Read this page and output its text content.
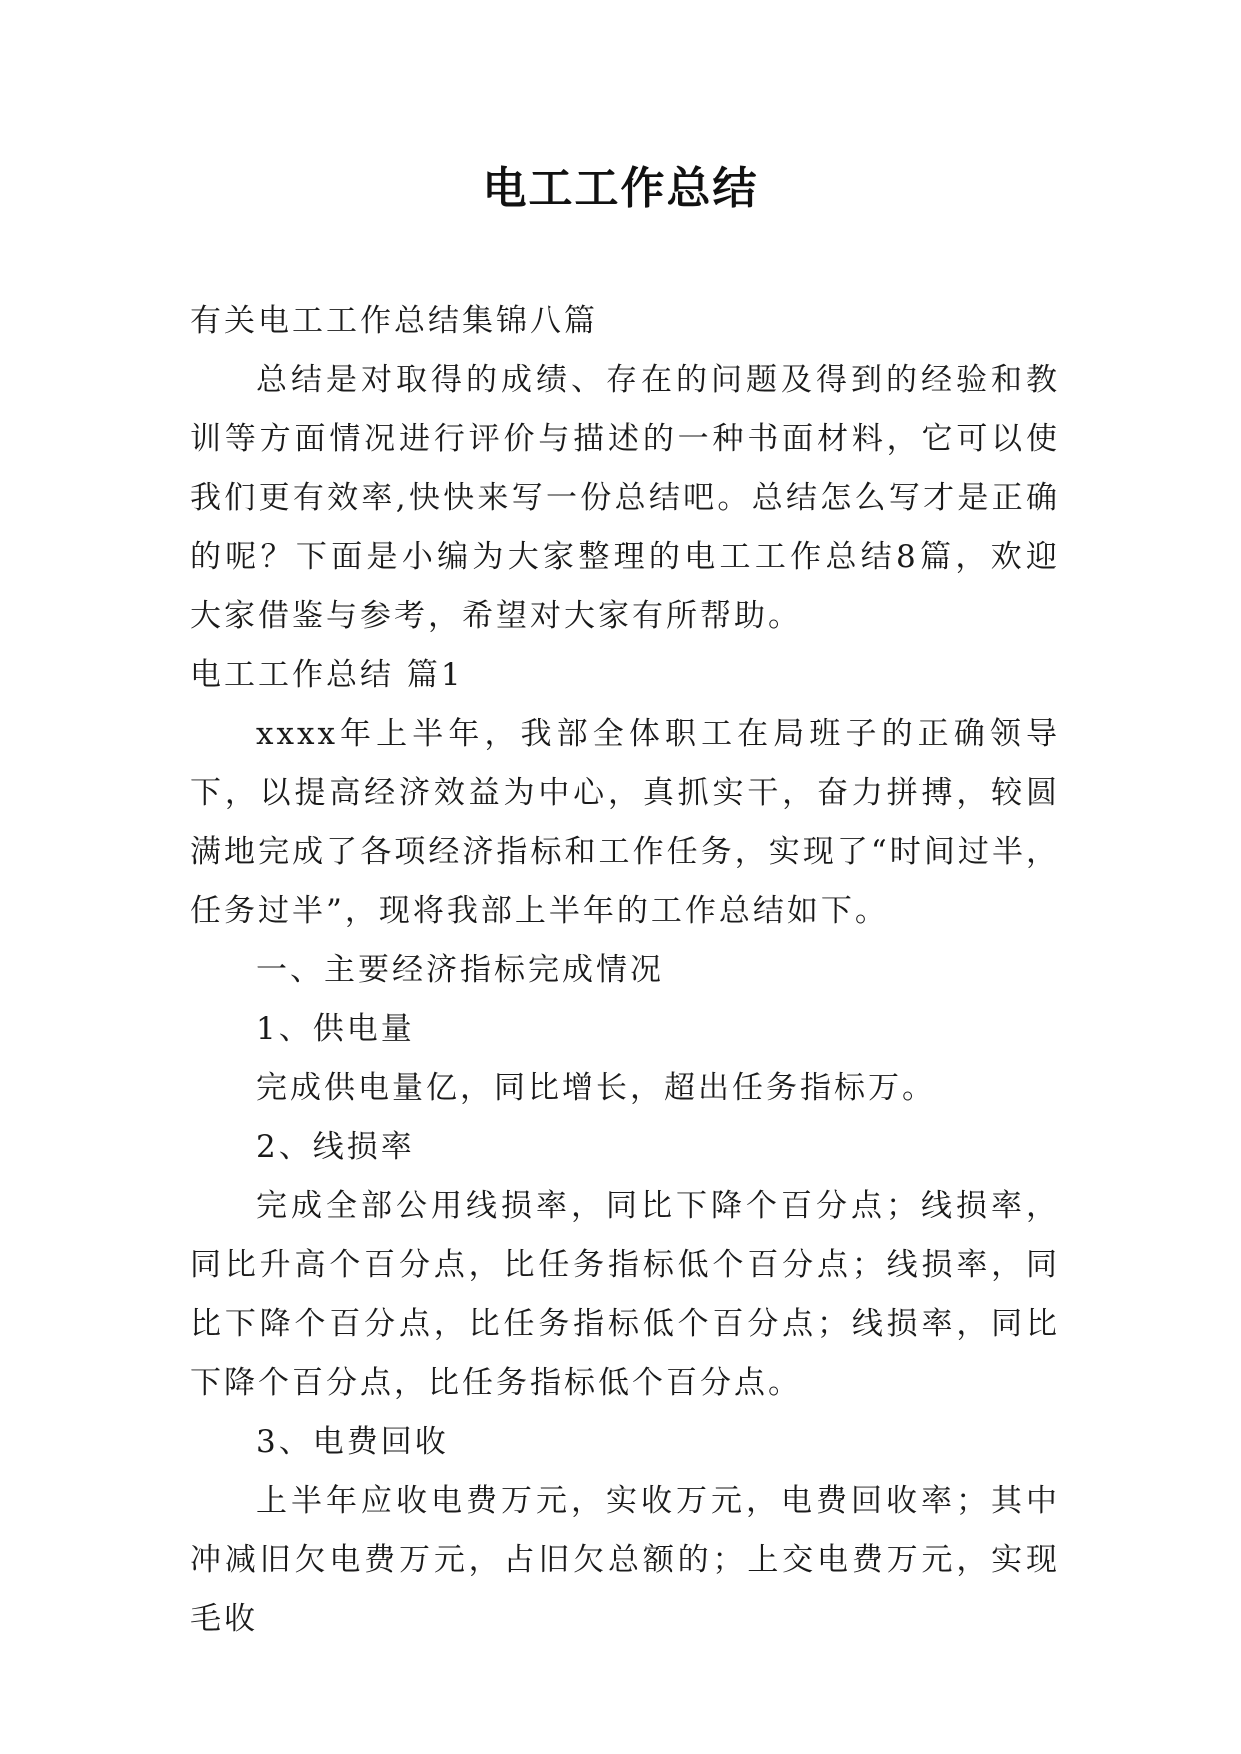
电工工作总结

有关电工工作总结集锦八篇

总结是对取得的成绩、存在的问题及得到的经验和教训等方面情况进行评价与描述的一种书面材料，它可以使我们更有效率,快快来写一份总结吧。总结怎么写才是正确的呢？下面是小编为大家整理的电工工作总结8篇，欢迎大家借鉴与参考，希望对大家有所帮助。

电工工作总结 篇1

xxxx年上半年，我部全体职工在局班子的正确领导下，以提高经济效益为中心，真抓实干，奋力拼搏，较圆满地完成了各项经济指标和工作任务，实现了“时间过半，任务过半”，现将我部上半年的工作总结如下。

一、主要经济指标完成情况

1、供电量

完成供电量亿，同比增长，超出任务指标万。

2、线损率

完成全部公用线损率，同比下降个百分点；线损率，同比升高个百分点，比任务指标低个百分点；线损率，同比下降个百分点，比任务指标低个百分点；线损率，同比下降个百分点，比任务指标低个百分点。

3、电费回收

上半年应收电费万元，实收万元，电费回收率；其中冲减旧欠电费万元，占旧欠总额的；上交电费万元，实现毛收
